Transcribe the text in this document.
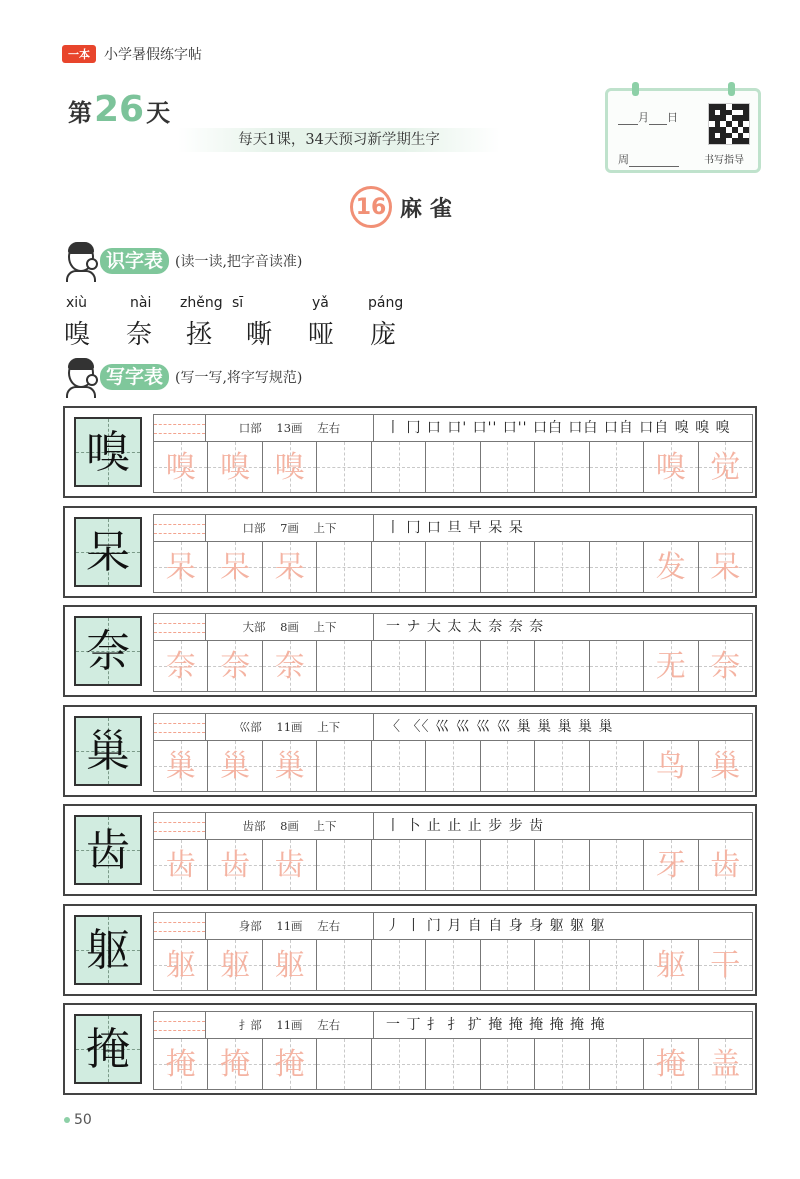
一本	小学暑假练字帖
第 26 天
每天1课，34天预习新学期生字
月 日
周	书写指导
16 麻雀
识字表 (读一读,把字音读准)
xiù	nài zhěng sī	yǎ	páng
嗅 奈 拯 嘶 哑 庞
写字表 (写一写,将字写规范)
嗅	口部 13画 左右	丨 冂 口 口' 口'' 口'' 口白 口白 口自 口自 嗅 嗅 嗅
嗅 嗅 嗅	嗅 觉
呆	口部 7画 上下	丨 冂 口 旦 早 呆 呆
呆 呆 呆	发 呆
奈	大部 8画 上下	一 ナ 大 太 太 奈 奈 奈
奈 奈 奈	无 奈
巢	巛部 11画 上下	〈 〈〈 巛 巛 巛 巛 巢 巢 巢 巢 巢
巢 巢 巢	鸟 巢
齿	齿部 8画 上下	丨 卜 止 止 止 步 步 齿
齿 齿 齿	牙 齿
躯	身部 11画 左右	丿 丨 门 月 自 自 身 身 躯 躯 躯
躯 躯 躯	躯 干
掩	扌部 11画 左右	一 丁 扌 扌 扩 掩 掩 掩 掩 掩 掩
掩 掩 掩	掩 盖
50
